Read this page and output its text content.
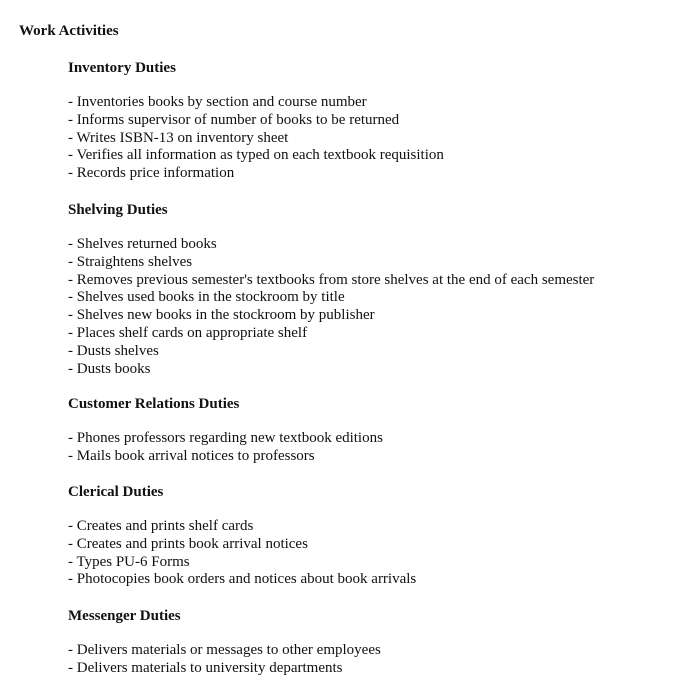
Work Activities
Inventory Duties
- Inventories books by section and course number
- Informs supervisor of number of books to be returned
- Writes ISBN-13 on inventory sheet
- Verifies all information as typed on each textbook requisition
- Records price information
Shelving Duties
- Shelves returned books
- Straightens shelves
- Removes previous semester's textbooks from store shelves at the end of each semester
- Shelves used books in the stockroom by title
- Shelves new books in the stockroom by publisher
- Places shelf cards on appropriate shelf
- Dusts shelves
- Dusts books
Customer Relations Duties
- Phones professors regarding new textbook editions
- Mails book arrival notices to professors
Clerical Duties
- Creates and prints shelf cards
- Creates and prints book arrival notices
- Types PU-6 Forms
- Photocopies book orders and notices about book arrivals
Messenger Duties
- Delivers materials or messages to other employees
- Delivers materials to university departments
